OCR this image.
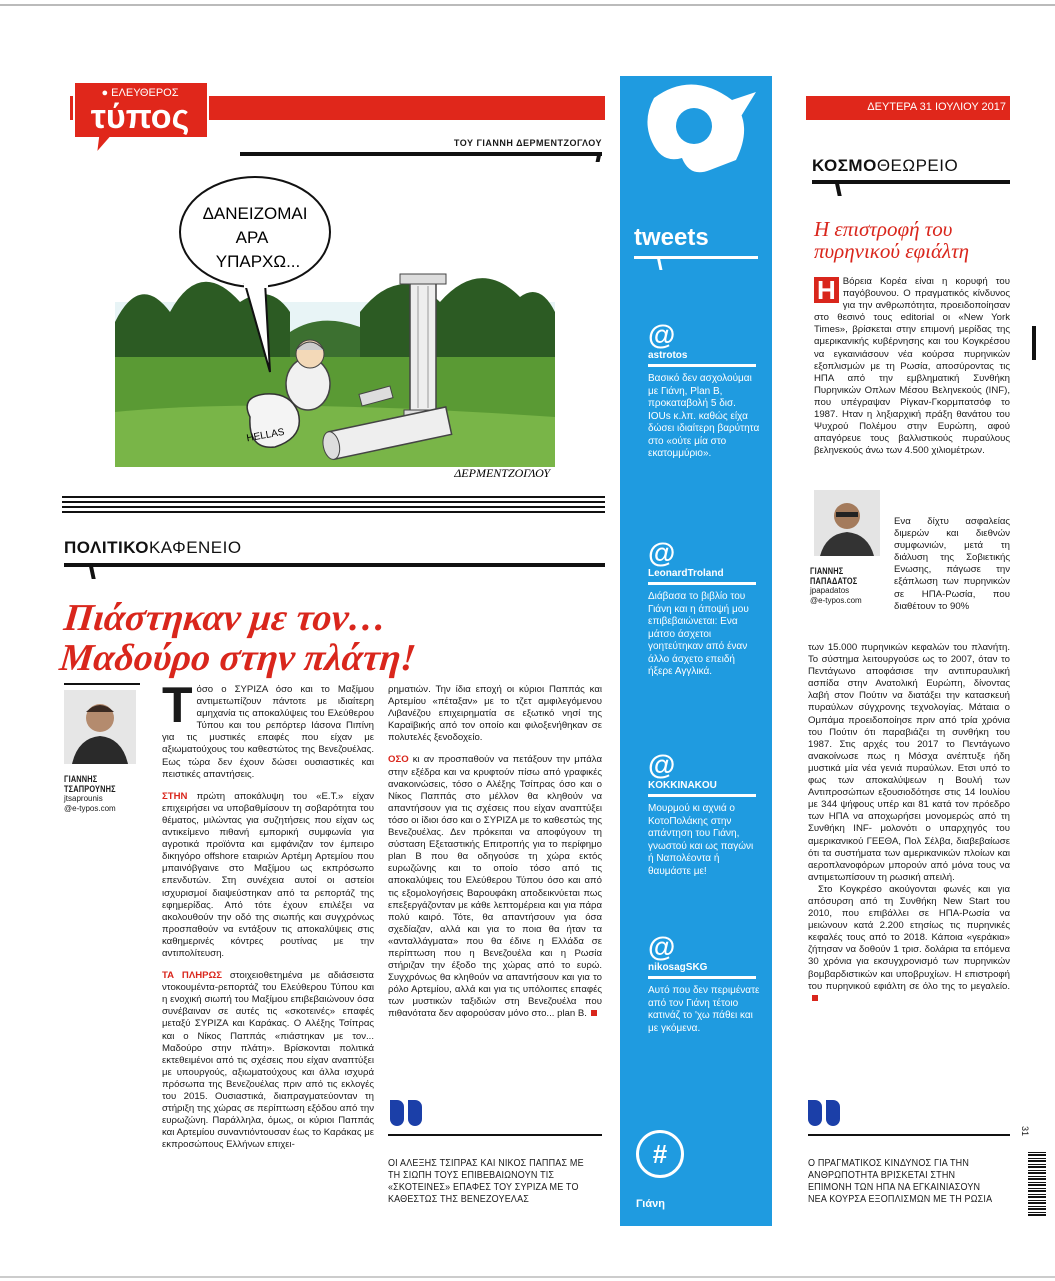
● ΕΛΕΥΘΕΡΟΣ
τύπος
ΤΟΥ ΓΙΑΝΝΗ ΔΕΡΜΕΝΤΖΟΓΛΟΥ
ΔΑΝΕΙΖΟΜΑΙ
ΑΡΑ
ΥΠΑΡΧΩ...
HELLAS
ΔΕΡΜΕΝΤΖΟΓΛΟΥ
ΠΟΛΙΤΙΚΟΚΑΦΕΝΕΙΟ
Πιάστηκαν με τον…
Μαδούρο στην πλάτη!
ΓΙΑΝΝΗΣ
ΤΣΑΠΡΟΥΝΗΣ
jtsaprounis
@e-typos.com

Τόσο ο ΣΥΡΙΖΑ όσο και το Μαξίμου αντιμετωπίζουν πάντοτε με ιδιαίτερη αμηχανία τις αποκαλύψεις του Ελεύθερου Τύπου και του ρεπόρτερ Ιάσονα Πιπίνη για τις μυστικές επαφές που είχαν με αξιωματούχους του καθεστώτος της Βενεζουέλας. Εως τώρα δεν έχουν δώσει ουσιαστικές και πειστικές απαντήσεις.

ΣΤΗΝ πρώτη αποκάλυψη του «Ε.Τ.» είχαν επιχειρήσει να υποβαθμίσουν τη σοβαρότητα του θέματος, μιλώντας για συζητήσεις που είχαν ως αντικείμενο πιθανή εμπορική συμφωνία για αγροτικά προϊόντα και εμφάνιζαν τον έμπειρο δικηγόρο offshore εταιριών Αρτέμη Αρτεμίου που μπαινόβγαινε στο Μαξίμου ως εκπρόσωπο επενδυτών. Στη συνέχεια αυτοί οι αστείοι ισχυρισμοί διαψεύστηκαν από τα ρεπορτάζ της εφημερίδας. Από τότε έχουν επιλέξει να ακολουθούν την οδό της σιωπής και συγχρόνως προσπαθούν να εντάξουν τις αποκαλύψεις στις καθημερινές κόντρες ρουτίνας με την αντιπολίτευση.

ΤΑ ΠΛΗΡΩΣ στοιχειοθετημένα με αδιάσειστα ντοκουμέντα-ρεπορτάζ του Ελεύθερου Τύπου και η ενοχική σιωπή του Μαξίμου επιβεβαιώνουν όσα συνέβαιναν σε αυτές τις «σκοτεινές» επαφές μεταξύ ΣΥΡΙΖΑ και Καράκας. Ο Αλέξης Τσίπρας και ο Νίκος Παππάς «πιάστηκαν με τον... Μαδούρο στην πλάτη». Βρίσκονται πολιτικά εκτεθειμένοι από τις σχέσεις που είχαν αναπτύξει με υπουργούς, αξιωματούχους και άλλα ισχυρά πρόσωπα της Βενεζουέλας πριν από τις εκλογές του 2015. Ουσιαστικά, διαπραγματεύονταν τη στήριξη της χώρας σε περίπτωση εξόδου από την ευρωζώνη. Παράλληλα, όμως, οι κύριοι Παππάς και Αρτεμίου συναντιόντουσαν έως το Καράκας με εκπροσώπους Ελλήνων επιχει-

ρηματιών. Την ίδια εποχή οι κύριοι Παππάς και Αρτεμίου «πέταξαν» με το τζετ αμφιλεγόμενου Λιβανέζου επιχειρηματία σε εξωτικό νησί της Καραϊβικής από τον οποίο και φιλοξενήθηκαν σε πολυτελές ξενοδοχείο.

ΟΣΟ κι αν προσπαθούν να πετάξουν την μπάλα στην εξέδρα και να κρυφτούν πίσω από γραφικές ανακοινώσεις, τόσο ο Αλέξης Τσίπρας όσο και ο Νίκος Παππάς στο μέλλον θα κληθούν να απαντήσουν για τις σχέσεις που είχαν αναπτύξει τόσο οι ίδιοι όσο και ο ΣΥΡΙΖΑ με το καθεστώς της Βενεζουέλας. Δεν πρόκειται να αποφύγουν τη σύσταση Εξεταστικής Επιτροπής για το περίφημο plan B που θα οδηγούσε τη χώρα εκτός ευρωζώνης και το οποίο τόσο από τις αποκαλύψεις του Ελεύθερου Τύπου όσο και από τις εξομολογήσεις Βαρουφάκη αποδεικνύεται πως επεξεργάζονταν με κάθε λεπτομέρεια και για πάρα πολύ καιρό. Τότε, θα απαντήσουν για όσα σχεδίαζαν, αλλά και για το ποια θα ήταν τα «ανταλλάγματα» που θα έδινε η Ελλάδα σε περίπτωση που η Βενεζουέλα και η Ρωσία στήριζαν την έξοδο της χώρας από το ευρώ. Συγχρόνως θα κληθούν να απαντήσουν και για το ρόλο Αρτεμίου, αλλά και για τις υπόλοιπες επαφές των μυστικών ταξιδιών στη Βενεζουέλα που πιθανότατα δεν αφορούσαν μόνο στο... plan B.

ΟΙ ΑΛΕΞΗΣ ΤΣΙΠΡΑΣ ΚΑΙ ΝΙΚΟΣ ΠΑΠΠΑΣ ΜΕ ΤΗ ΣΙΩΠΗ ΤΟΥΣ ΕΠΙΒΕΒΑΙΩΝΟΥΝ ΤΙΣ «ΣΚΟΤΕΙΝΕΣ» ΕΠΑΦΕΣ ΤΟΥ ΣΥΡΙΖΑ ΜΕ ΤΟ ΚΑΘΕΣΤΩΣ ΤΗΣ ΒΕΝΕΖΟΥΕΛΑΣ
tweets
@
astrotos
Βασικό δεν ασχολούμαι με Γιάνη, Plan B, προκαταβολή 5 δισ. IOUs κ.λπ. καθώς είχα δώσει ιδιαίτερη βαρύτητα στο «ούτε μία στο εκατομμύριο».
@
LeonardTroland
Διάβασα το βιβλίο του Γιάνη και η άποψή μου επιβεβαιώνεται: Ενα μάτσο άσχετοι γοητεύτηκαν από έναν άλλο άσχετο επειδή ήξερε Αγγλικά.
@
KOKKINAKOU
Μουρμού κι αχνιά ο ΚοτοΠολάκης στην απάντηση του Γιάνη, γνωστού και ως παγώνι ή Ναπολέοντα ή θαυμάστε με!
@
nikosagSKG
Αυτό που δεν περιμένατε από τον Γιάνη τέτοιο κατινάζ το 'χω πάθει και με γκόμενα.
#
Γιάνη
ΔΕΥΤΕΡΑ 31 ΙΟΥΛΙΟΥ 2017
ΚΟΣΜΟΘΕΩΡΕΙΟ
Η επιστροφή του
πυρηνικού εφιάλτη
Η Βόρεια Κορέα είναι η κορυφή του παγόβουνου. Ο πραγματικός κίνδυνος για την ανθρωπότητα, προειδοποίησαν στο θεσινό τους editorial οι «New York Times», βρίσκεται στην επιμονή μερίδας της αμερικανικής κυβέρνησης και του Κογκρέσου να εγκαινιάσουν νέα κούρσα πυρηνικών εξοπλισμών με τη Ρωσία, αποσύροντας τις ΗΠΑ από την εμβληματική Συνθήκη Πυρηνικών Οπλων Μέσου Βεληνεκούς (INF), που υπέγραψαν Ρίγκαν-Γκορμπατσόφ το 1987. Ηταν η ληξιαρχική πράξη θανάτου του Ψυχρού Πολέμου στην Ευρώπη, αφού απαγόρευε τους βαλλιστικούς πυραύλους βεληνεκούς άνω των 4.500 χιλιομέτρων.
ΓΙΑΝΝΗΣ
ΠΑΠΑΔΑΤΟΣ
jpapadatos
@e-typos.com
Ενα δίχτυ ασφαλείας διμερών και διεθνών συμφωνιών, μετά τη διάλυση της Σοβιετικής Ενωσης, πάγωσε την εξάπλωση των πυρηνικών σε ΗΠΑ-Ρωσία, που διαθέτουν το 90%

των 15.000 πυρηνικών κεφαλών του πλανήτη. Το σύστημα λειτουργούσε ως το 2007, όταν το Πεντάγωνο αποφάσισε την αντιπυραυλική ασπίδα στην Ανατολική Ευρώπη, δίνοντας λαβή στον Πούτιν να διατάξει την κατασκευή πυραύλων σύγχρονης τεχνολογίας. Μάταια ο Ομπάμα προειδοποίησε πριν από τρία χρόνια του Πούτιν ότι παραβιάζει τη συνθήκη του 1987. Στις αρχές του 2017 το Πεντάγωνο ανακοίνωσε πως η Μόσχα ανέπτυξε ήδη μυστικά μία νέα γενιά πυραύλων. Ετσι υπό το φως των αποκαλύψεων η Βουλή των Αντιπροσώπων εξουσιοδότησε στις 14 Ιουλίου με 344 ψήφους υπέρ και 81 κατά τον πρόεδρο των ΗΠΑ να αποχωρήσει μονομερώς από τη Συνθήκη INF- μολονότι ο υπαρχηγός του αμερικανικού ΓΕΕΘΑ, Πολ Σέλβα, διαβεβαίωσε ότι τα συστήματα των αμερικανικών πλοίων και αεροπλανοφόρων μπορούν από μόνα τους να αντιμετωπίσουν τη ρωσική απειλή.

Στο Κογκρέσο ακούγονται φωνές και για απόσυρση από τη Συνθήκη New Start του 2010, που επιβάλλει σε ΗΠΑ-Ρωσία να μειώνουν κατά 2.200 ετησίως τις πυρηνικές κεφαλές τους από το 2018. Κάποια «γεράκια» ζήτησαν να δοθούν 1 τρισ. δολάρια τα επόμενα 30 χρόνια για εκσυγχρονισμό των πυρηνικών βομβαρδιστικών και υποβρυχίων. Η επιστροφή του πυρηνικού εφιάλτη σε όλο της το μεγαλείο.

Ο ΠΡΑΓΜΑΤΙΚΟΣ ΚΙΝΔΥΝΟΣ ΓΙΑ ΤΗΝ ΑΝΘΡΩΠΟΤΗΤΑ ΒΡΙΣΚΕΤΑΙ ΣΤΗΝ ΕΠΙΜΟΝΗ ΤΩΝ ΗΠΑ ΝΑ ΕΓΚΑΙΝΙΑΣΟΥΝ ΝΕΑ ΚΟΥΡΣΑ ΕΞΟΠΛΙΣΜΩΝ ΜΕ ΤΗ ΡΩΣΙΑ
31
